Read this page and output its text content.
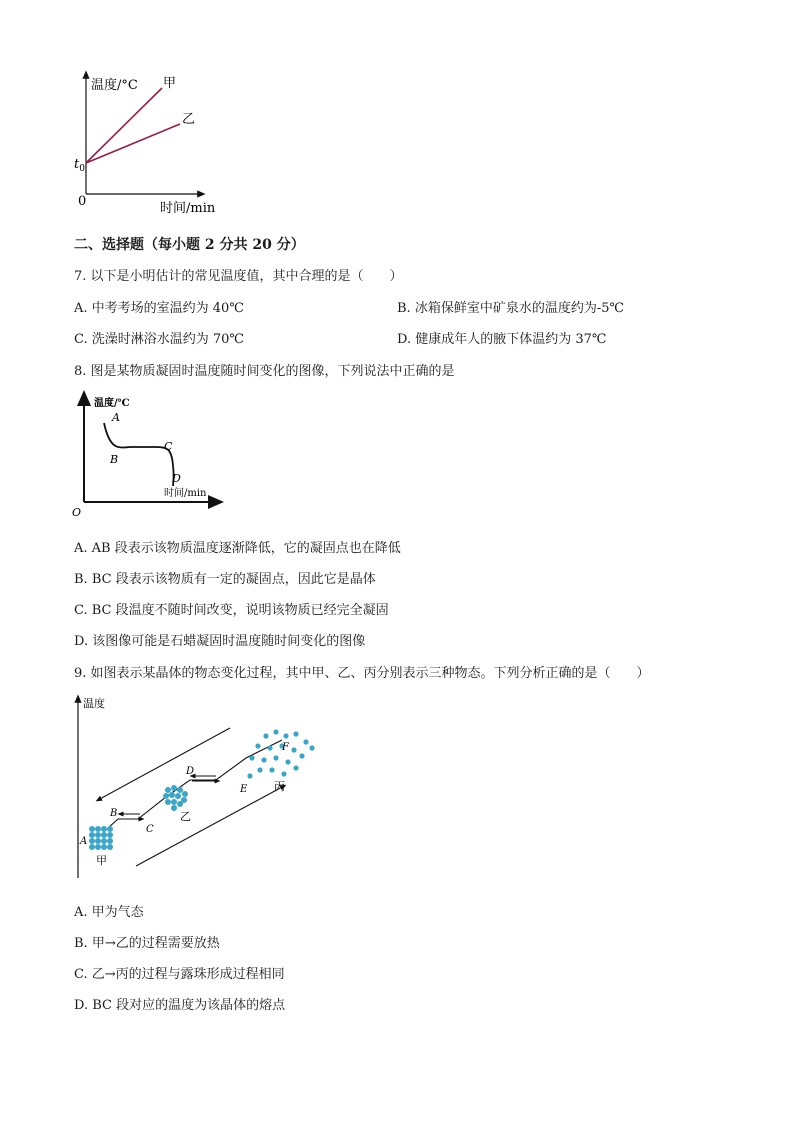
温度/°C 甲
乙
$t_0$
0	时间/min
二、选择题（每小题 2 分共 20 分）
7. 以下是小明估计的常见温度值，其中合理的是（　　）
A. 中考考场的室温约为 40℃	B. 冰箱保鲜室中矿泉水的温度约为-5℃
C. 洗澡时淋浴水温约为 70℃	D. 健康成年人的腋下体温约为 37℃
8. 图是某物质凝固时温度随时间变化的图像，下列说法中正确的是
温度/℃
A
B
C
D
时间/min
O
A. AB 段表示该物质温度逐渐降低，它的凝固点也在降低
B. BC 段表示该物质有一定的凝固点，因此它是晶体
C. BC 段温度不随时间改变，说明该物质已经完全凝固
D. 该图像可能是石蜡凝固时温度随时间变化的图像
9. 如图表示某晶体的物态变化过程，其中甲、乙、丙分别表示三种物态。下列分析正确的是（　　）
温度
A
B
C
D
E
F
甲
乙
丙
A. 甲为气态
B. 甲→乙的过程需要放热
C. 乙→丙的过程与露珠形成过程相同
D. BC 段对应的温度为该晶体的熔点
